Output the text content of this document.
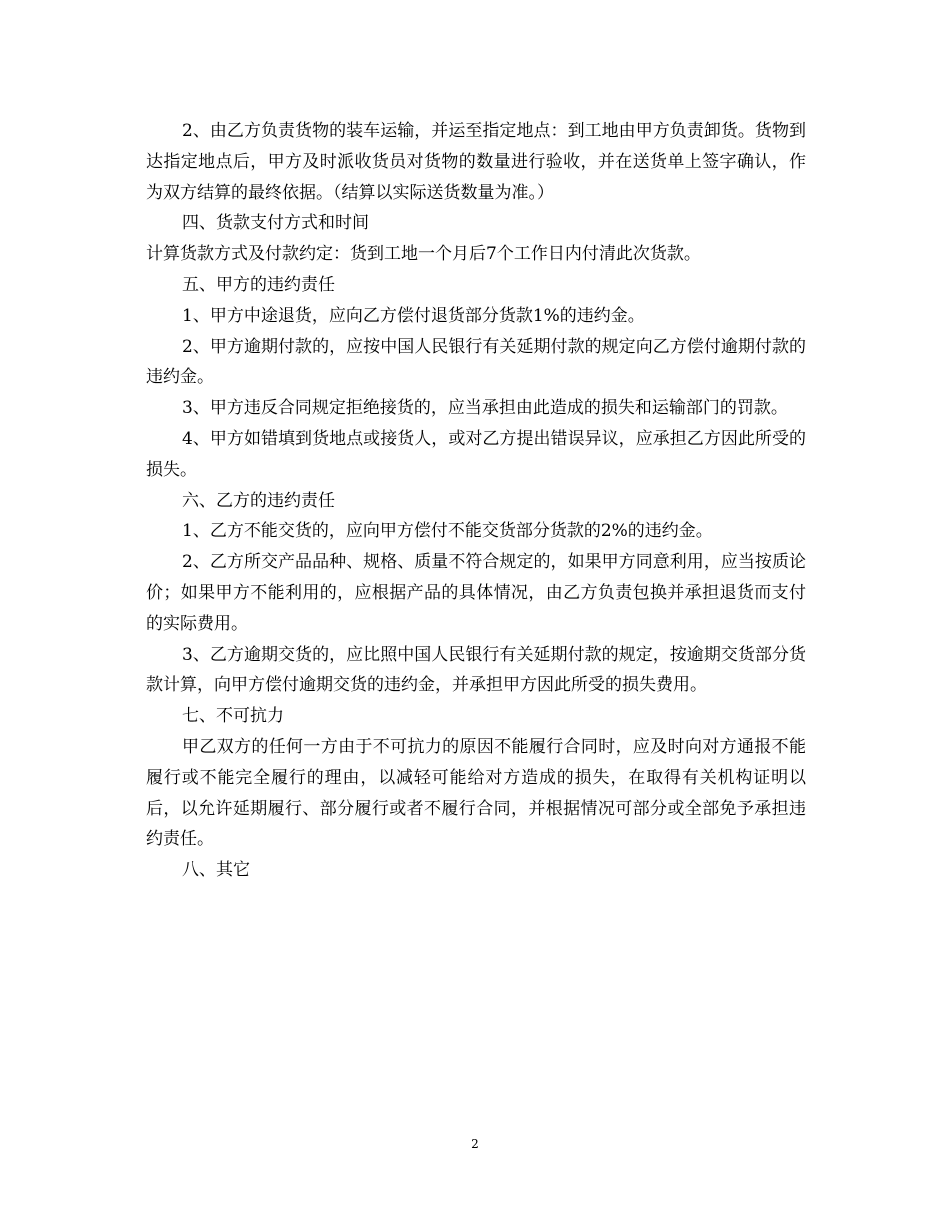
2、由乙方负责货物的装车运输，并运至指定地点：到工地由甲方负责卸货。货物到达指定地点后，甲方及时派收货员对货物的数量进行验收，并在送货单上签字确认，作为双方结算的最终依据。（结算以实际送货数量为准。）

四、货款支付方式和时间

计算货款方式及付款约定：货到工地一个月后7个工作日内付清此次货款。

五、甲方的违约责任

1、甲方中途退货，应向乙方偿付退货部分货款1%的违约金。

2、甲方逾期付款的，应按中国人民银行有关延期付款的规定向乙方偿付逾期付款的违约金。

3、甲方违反合同规定拒绝接货的，应当承担由此造成的损失和运输部门的罚款。

4、甲方如错填到货地点或接货人，或对乙方提出错误异议，应承担乙方因此所受的损失。

六、乙方的违约责任

1、乙方不能交货的，应向甲方偿付不能交货部分货款的2%的违约金。

2、乙方所交产品品种、规格、质量不符合规定的，如果甲方同意利用，应当按质论价；如果甲方不能利用的，应根据产品的具体情况，由乙方负责包换并承担退货而支付的实际费用。

3、乙方逾期交货的，应比照中国人民银行有关延期付款的规定，按逾期交货部分货款计算，向甲方偿付逾期交货的违约金，并承担甲方因此所受的损失费用。

七、不可抗力

甲乙双方的任何一方由于不可抗力的原因不能履行合同时，应及时向对方通报不能履行或不能完全履行的理由，以减轻可能给对方造成的损失，在取得有关机构证明以后，以允许延期履行、部分履行或者不履行合同，并根据情况可部分或全部免予承担违约责任。

八、其它

2
